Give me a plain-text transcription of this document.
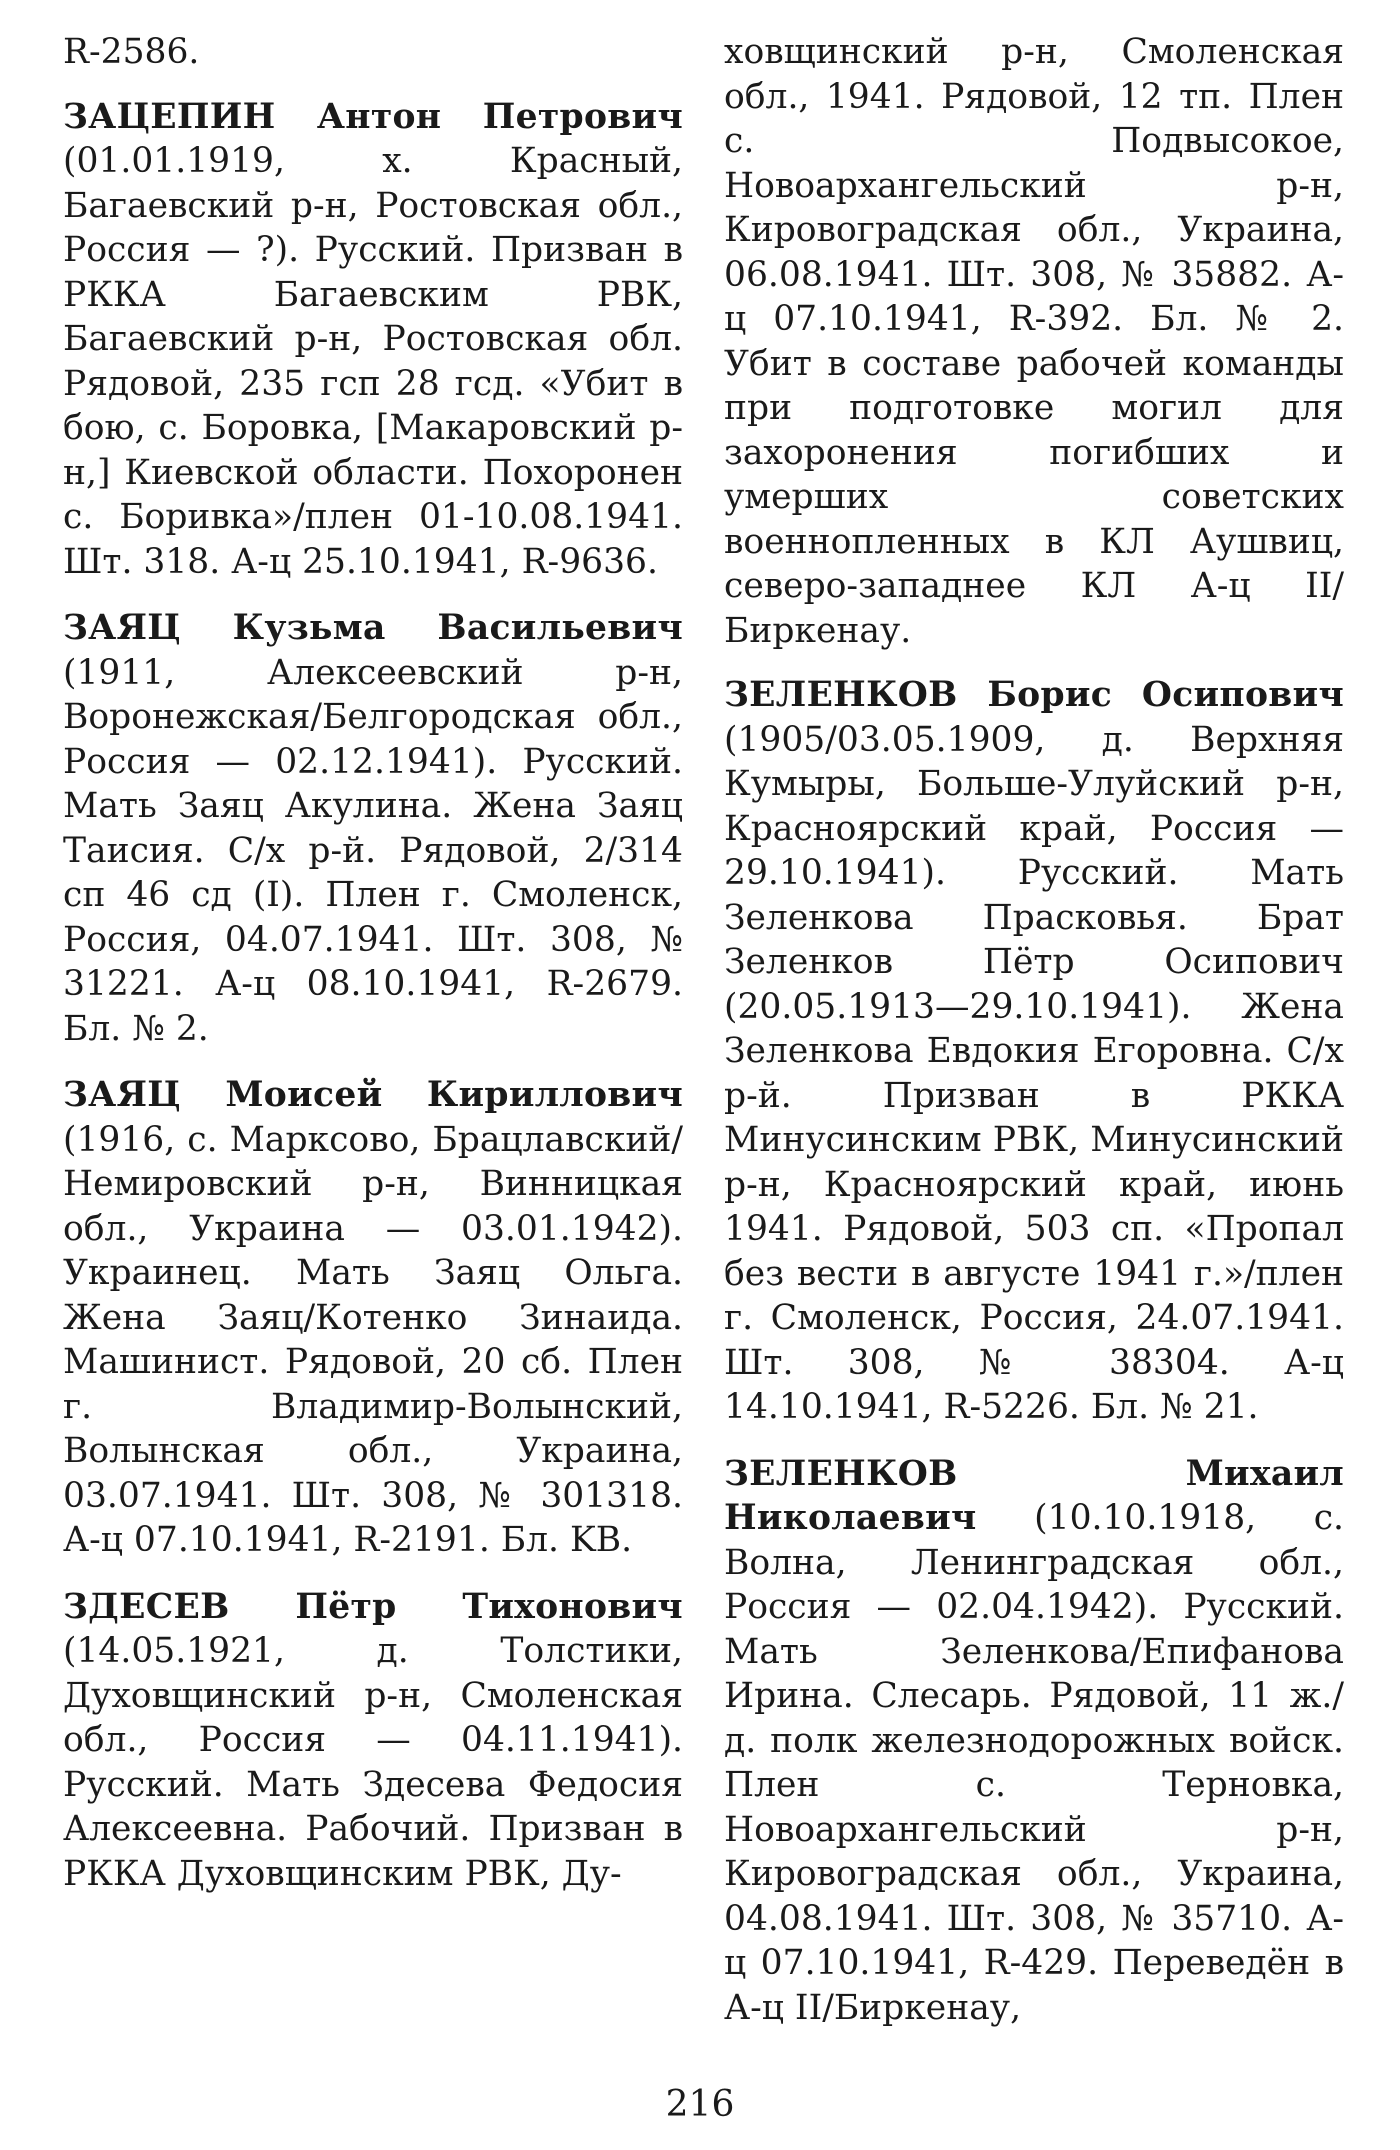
R-2586.

ЗАЦЕПИН Антон Петрович (01.01.1919, х. Красный, Багаевский р-н, Ростовская обл., Россия — ?). Русский. Призван в РККА Багаевским РВК, Багаевский р-н, Ростовская обл. Рядовой, 235 гсп 28 гсд. «Убит в бою, с. Боровка, [Макаровский р-н,] Киевской области. Похоронен с. Боривка»/плен 01-10.08.1941. Шт. 318. А-ц 25.10.1941, R-9636.

ЗАЯЦ Кузьма Васильевич (1911, Алексеевский р-н, Воронежская/Белгородская обл., Россия — 02.12.1941). Русский. Мать Заяц Акулина. Жена Заяц Таисия. С/х р-й. Рядовой, 2/314 сп 46 сд (I). Плен г. Смоленск, Россия, 04.07.1941. Шт. 308, № 31221. А-ц 08.10.1941, R-2679. Бл. № 2.

ЗАЯЦ Моисей Кириллович (1916, с. Марксово, Брацлавский/Немировский р-н, Винницкая обл., Украина — 03.01.1942). Украинец. Мать Заяц Ольга. Жена Заяц/Котенко Зинаида. Машинист. Рядовой, 20 сб. Плен г. Владимир-Волынский, Волынская обл., Украина, 03.07.1941. Шт. 308, № 301318. А-ц 07.10.1941, R-2191. Бл. KB.

ЗДЕСЕВ Пётр Тихонович (14.05.1921, д. Толстики, Духовщинский р-н, Смоленская обл., Россия — 04.11.1941). Русский. Мать Здесева Федосия Алексеевна. Рабочий. Призван в РККА Духовщинским РВК, Ду-

ховщинский р-н, Смоленская обл., 1941. Рядовой, 12 тп. Плен с. Подвысокое, Новоархангельский р-н, Кировоградская обл., Украина, 06.08.1941. Шт. 308, № 35882. А-ц 07.10.1941, R-392. Бл. № 2. Убит в составе рабочей команды при подготовке могил для захоронения погибших и умерших советских военнопленных в КЛ Аушвиц, северо-западнее КЛ А-ц II/Биркенау.

ЗЕЛЕНКОВ Борис Осипович (1905/03.05.1909, д. Верхняя Кумыры, Больше-Улуйский р-н, Красноярский край, Россия — 29.10.1941). Русский. Мать Зеленкова Прасковья. Брат Зеленков Пётр Осипович (20.05.1913—29.10.1941). Жена Зеленкова Евдокия Егоровна. С/х р-й. Призван в РККА Минусинским РВК, Минусинский р-н, Красноярский край, июнь 1941. Рядовой, 503 сп. «Пропал без вести в августе 1941 г.»/плен г. Смоленск, Россия, 24.07.1941. Шт. 308, № 38304. А-ц 14.10.1941, R-5226. Бл. № 21.

ЗЕЛЕНКОВ Михаил Николаевич (10.10.1918, с. Волна, Ленинградская обл., Россия — 02.04.1942). Русский. Мать Зеленкова/Епифанова Ирина. Слесарь. Рядовой, 11 ж./д. полк железнодорожных войск. Плен с. Терновка, Новоархангельский р-н, Кировоградская обл., Украина, 04.08.1941. Шт. 308, № 35710. А-ц 07.10.1941, R-429. Переведён в А-ц II/Биркенау,

216
